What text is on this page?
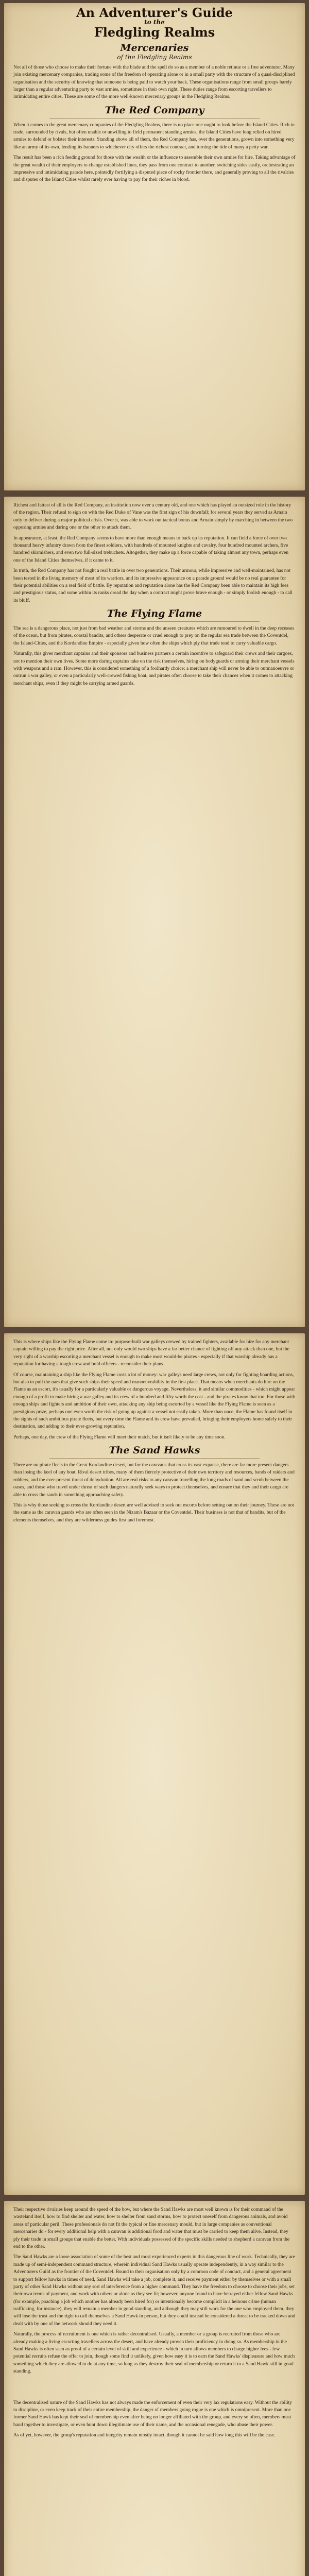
An Adventurer's Guide
to the
Fledgling Realms
Mercenaries
of the Fledgling Realms

Not all of those who choose to make their fortune with the blade and the spell do so as a member of a noble retinue or a free adventurer. Many join existing mercenary companies, trading some of the freedom of operating alone or in a small party with the structure of a quasi-disciplined organisation and the security of knowing that someone is being paid to watch your back. These organisations range from small groups barely larger than a regular adventuring party to vast armies, sometimes in their own right. These duties range from escorting travellers to intimidating entire cities. These are some of the more well-known mercenary groups in the Fledgling Realms.

The Red Company

When it comes to the great mercenary companies of the Fledgling Realms, there is no place one ought to look before the Island Cities. Rich in trade, surrounded by rivals, but often unable or unwilling to field permanent standing armies, the Island Cities have long relied on hired armies to defend or bolster their interests. Standing above all of them, the Red Company has, over the generations, grown into something very like an army of its own, lending its banners to whichever city offers the richest contract, and turning the tide of many a petty war.

The result has been a rich feeding ground for those with the wealth or the influence to assemble their own armies for hire. Taking advantage of the great wealth of their employers to change established lines, they pass from one contract to another, switching sides easily, orchestrating an impressive and intimidating parade here, pointedly fortifying a disputed piece of rocky frontier there, and generally proving to all the rivalries and disputes of the Island Cities whilst rarely ever having to pay for their riches in blood.

Richest and fattest of all is the Red Company, an institution now over a century old, and one which has played an outsized role in the history of the region. Their refusal to sign on with the Red Duke of Vane was the first sign of his downfall; for several years they served as Arnain only to deliver during a major political crisis. Over it, was able to work out tactical bonus and Arnain simply by marching in between the two opposing armies and daring one or the other to attack them.

In appearance, at least, the Red Company seems to have more than enough means to back up its reputation. It can field a force of over two thousand heavy infantry drawn from the finest soldiers, with hundreds of mounted knights and cavalry, four hundred mounted archers, five hundred skirmishers, and even two full-sized trebuchets. Altogether, they make up a force capable of taking almost any town, perhaps even one of the Island Cities themselves, if it came to it.

In truth, the Red Company has not fought a real battle in over two generations. Their armour, while impressive and well-maintained, has not been tested in the living memory of most of its warriors, and its impressive appearance on a parade ground would be no real guarantee for their potential abilities on a real field of battle. By reputation and reputation alone has the Red Company been able to maintain its high fees and prestigious status, and some within its ranks dread the day when a contract might prove brave enough - or simply foolish enough - to call its bluff.

The Flying Flame

The sea is a dangerous place, not just from bad weather and storms and the unseen creatures which are rumoured to dwell in the deep recesses of the ocean, but from pirates, coastal bandits, and others desperate or cruel enough to prey on the regular sea trade between the Coventdel, the Island-Cities, and the Kordandine Empire - especially given how often the ships which ply that trade tend to carry valuable cargo.

Naturally, this gives merchant captains and their sponsors and business partners a certain incentive to safeguard their crews and their cargoes, not to mention their own lives. Some more daring captains take on the risk themselves, hiring on bodyguards or arming their merchant vessels with weapons and a ram. However, this is considered something of a foolhardy choice; a merchant ship will never be able to outmanoeuvre or outrun a war galley, or even a particularly well-crewed fishing boat, and pirates often choose to take their chances when it comes to attacking merchant ships, even if they might be carrying armed guards.

This is where ships like the Flying Flame come in: purpose-built war galleys crewed by trained fighters, available for hire for any merchant captain willing to pay the right price. After all, not only would two ships have a far better chance of fighting off any attack than one, but the very sight of a warship escorting a merchant vessel is enough to make most would-be pirates - especially if that warship already has a reputation for having a tough crew and bold officers - reconsider their plans.

Of course, maintaining a ship like the Flying Flame costs a lot of money: war galleys need large crews, not only for fighting boarding actions, but also to pull the oars that give such ships their speed and manoeuvrability in the first place. That means when merchants do hire on the Flame as an escort, it's usually for a particularly valuable or dangerous voyage. Nevertheless, it and similar commodities - which might appear enough of a profit to make hiring a war galley and its crew of a hundred and fifty worth the cost - and the pirates know that too. For those with enough ships and fighters and ambition of their own, attacking any ship being escorted by a vessel like the Flying Flame is seen as a prestigious prize, perhaps one even worth the risk of going up against a vessel not easily taken. More than once, the Flame has found itself in the sights of such ambitious pirate fleets, but every time the Flame and its crew have prevailed, bringing their employers home safely to their destination, and adding to their ever-growing reputation.

Perhaps, one day, the crew of the Flying Flame will meet their match, but it isn't likely to be any time soon.

The Sand Hawks

There are no pirate fleets in the Great Kordandine desert, but for the caravans that cross its vast expanse, there are far more present dangers than losing the keel of any boat. Rival desert tribes, many of them fiercely protective of their own territory and resources, bands of raiders and robbers, and the ever-present threat of dehydration. All are real risks to any caravan travelling the long roads of sand and scrub between the oases, and those who travel under threat of such dangers naturally seek ways to protect themselves, and ensure that they and their cargo are able to cross the sands in something approaching safety.

This is why those seeking to cross the Kordandine desert are well advised to seek out escorts before setting out on their journey. These are not the same as the caravan guards who are often seen in the Nizam's Bazaar or the Coventdel. Their business is not that of bandits, but of the elements themselves, and they are wilderness guides first and foremost.

Their respective rivalries keep around the speed of the bow, but where the Sand Hawks are most well known is for their command of the wasteland itself, how to find shelter and water, how to shelter from sand storms, how to protect oneself from dangerous animals, and avoid areas of particular peril. These professionals do not fit the typical or fine mercenary mould, but in large companies as conventional mercenaries do - for every additional help with a caravan is additional food and water that must be carried to keep them alive. Instead, they ply their trade in small groups that enable the better. With individuals possessed of the specific skills needed to shepherd a caravan from the end to the other.

The Sand Hawks are a loose association of some of the best and most experienced experts in this dangerous line of work. Technically, they are made up of semi-independent command structure, wherein individual Sand Hawks usually operate independently, in a way similar to the Adventurers Guild as the frontier of the Coventdel. Bound to their organisation only by a common code of conduct, and a general agreement to support fellow hawks in times of need, Sand Hawks will take a job, complete it, and receive payment either by themselves or with a small party of other Sand Hawks without any sort of interference from a higher command. They have the freedom to choose to choose their jobs, set their own terms of payment, and work with others or alone as they see fit; however, anyone found to have betrayed either fellow Sand Hawks (for example, poaching a job which another has already been hired for) or intentionally become complicit in a heinous crime (human trafficking, for instance), they will remain a member in good standing, and although they may still work for the one who employed them, they will lose the trust and the right to call themselves a Sand Hawk in person, but they could instead be considered a threat to be tracked down and dealt with by one of the network should they need it.

Naturally, the process of recruitment is one which is rather decentralised. Usually, a member or a group is recruited from those who are already making a living escorting travellers across the desert, and have already proven their proficiency in doing so. As membership in the Sand Hawks is often seen as proof of a certain level of skill and experience - which in turn allows members to charge higher fees - few potential recruits refuse the offer to join, though some find it unlikely, given how easy it is to earn the Sand Hawks' displeasure and how much something which they are allowed to do at any time, so long as they destroy their seal of membership or return it to a Sand Hawk still in good standing.

The decentralised nature of the Sand Hawks has not always made the enforcement of even their very lax regulations easy. Without the ability to discipline, or even keep track of their entire membership, the danger of members going rogue is one which is omnipresent. More than one former Sand Hawk has kept their seal of membership even after being no longer affiliated with the group, and every so often, members must band together to investigate, or even hunt down illegitimate use of their name, and the occasional renegade, who abuse their power.

As of yet, however, the group's reputation and integrity remain mostly intact, though it cannot be said how long this will be the case.
